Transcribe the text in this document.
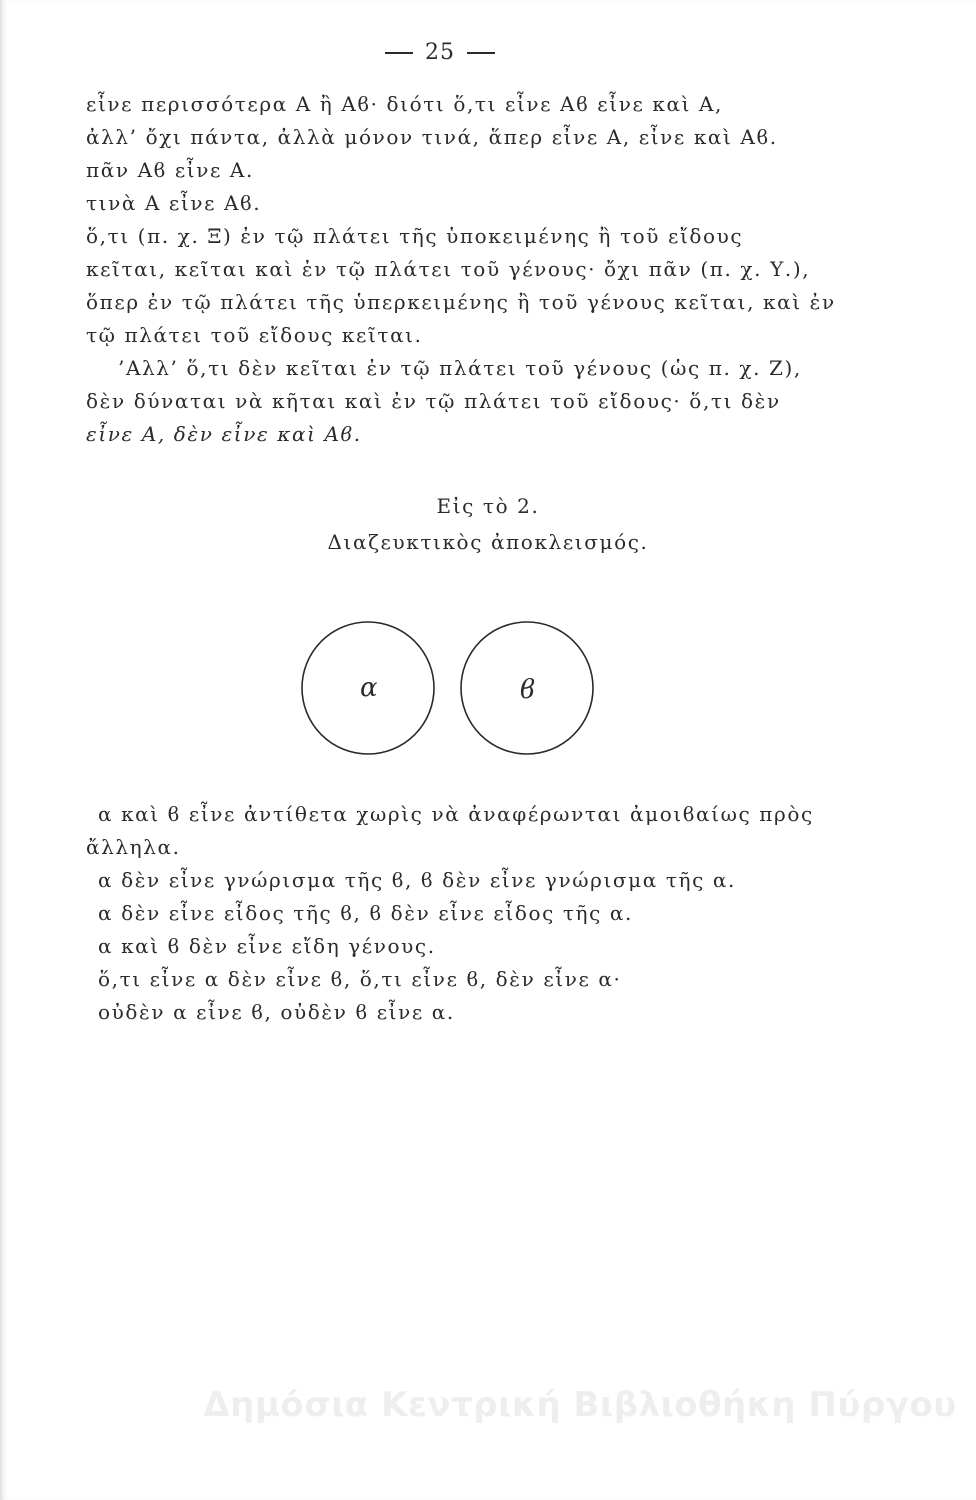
25
εἶνε περισσότερα Α ἢ Αϐ· διότι ὅ,τι εἶνε Αϐ εἶνε καὶ Α,
ἀλλ’ ὄχι πάντα, ἀλλὰ μόνον τινά, ἅπερ εἶνε Α, εἶνε καὶ Αϐ.
πᾶν Αϐ εἶνε Α.
τινὰ Α εἶνε Αϐ.
ὅ,τι (π. χ. Ξ) ἐν τῷ πλάτει τῆς ὑποκειμένης ἢ τοῦ εἴδους
κεῖται, κεῖται καὶ ἐν τῷ πλάτει τοῦ γένους· ὄχι πᾶν (π. χ. Υ.),
ὅπερ ἐν τῷ πλάτει τῆς ὑπερκειμένης ἢ τοῦ γένους κεῖται, καὶ ἐν
τῷ πλάτει τοῦ εἴδους κεῖται.
’Αλλ’ ὅ,τι δὲν κεῖται ἐν τῷ πλάτει τοῦ γένους (ὡς π. χ. Ζ),
δὲν δύναται νὰ κῆται καὶ ἐν τῷ πλάτει τοῦ εἴδους· ὅ,τι δὲν
εἶνε Α, δὲν εἶνε καὶ Αϐ.
Εἰς τὸ 2.
Διαζευκτικὸς ἀποκλεισμός.
α	ϐ
α καὶ ϐ εἶνε ἀντίθετα χωρὶς νὰ ἀναφέρωνται ἀμοιϐαίως πρὸς
ἄλληλα.
α δὲν εἶνε γνώρισμα τῆς ϐ, ϐ δὲν εἶνε γνώρισμα τῆς α.
α δὲν εἶνε εἶδος τῆς ϐ, ϐ δὲν εἶνε εἶδος τῆς α.
α καὶ ϐ δὲν εἶνε εἴδη γένους.
ὅ,τι εἶνε α δὲν εἶνε ϐ, ὅ,τι εἶνε ϐ, δὲν εἶνε α·
οὐδὲν α εἶνε ϐ, οὐδὲν ϐ εἶνε α.
Δημόσια Κεντρική Βιβλιοθήκη Πύργου
